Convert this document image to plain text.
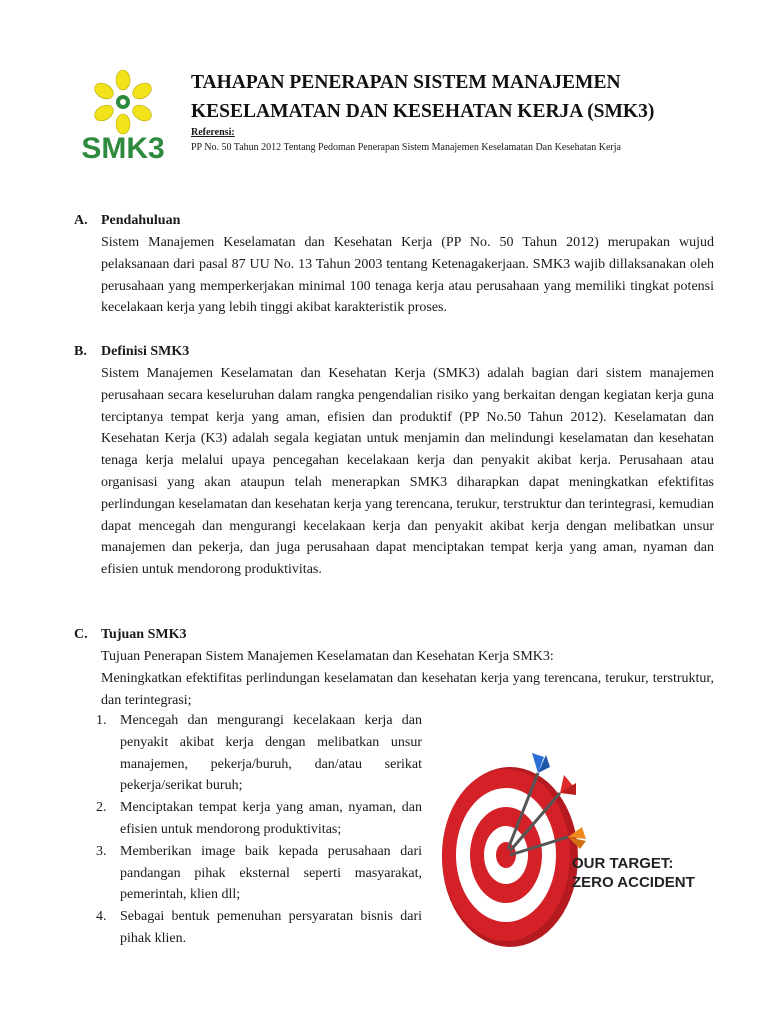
SMK3
TAHAPAN PENERAPAN SISTEM MANAJEMEN
KESELAMATAN DAN KESEHATAN KERJA (SMK3)
Referensi:
PP No. 50 Tahun 2012 Tentang Pedoman Penerapan Sistem Manajemen Keselamatan Dan Kesehatan Kerja
A. Pendahuluan

Sistem Manajemen Keselamatan dan Kesehatan Kerja (PP No. 50 Tahun 2012) merupakan wujud pelaksanaan dari pasal 87 UU No. 13 Tahun 2003 tentang Ketenagakerjaan. SMK3 wajib dillaksanakan oleh perusahaan yang memperkerjakan minimal 100 tenaga kerja atau perusahaan yang memiliki tingkat potensi kecelakaan kerja yang lebih tinggi akibat karakteristik proses.

B. Definisi SMK3

Sistem Manajemen Keselamatan dan Kesehatan Kerja (SMK3) adalah bagian dari sistem manajemen perusahaan secara keseluruhan dalam rangka pengendalian risiko yang berkaitan dengan kegiatan kerja guna terciptanya tempat kerja yang aman, efisien dan produktif (PP No.50 Tahun 2012). Keselamatan dan Kesehatan Kerja (K3) adalah segala kegiatan untuk menjamin dan melindungi keselamatan dan kesehatan tenaga kerja melalui upaya pencegahan kecelakaan kerja dan penyakit akibat kerja. Perusahaan atau organisasi yang akan ataupun telah menerapkan SMK3 diharapkan dapat meningkatkan efektifitas perlindungan keselamatan dan kesehatan kerja yang terencana, terukur, terstruktur dan terintegrasi, kemudian dapat mencegah dan mengurangi kecelakaan kerja dan penyakit akibat kerja dengan melibatkan unsur manajemen dan pekerja, dan juga perusahaan dapat menciptakan tempat kerja yang aman, nyaman dan efisien untuk mendorong produktivitas.

C. Tujuan SMK3

Tujuan Penerapan Sistem Manajemen Keselamatan dan Kesehatan Kerja SMK3:

Meningkatkan efektifitas perlindungan keselamatan dan kesehatan kerja yang terencana, terukur, terstruktur, dan terintegrasi;

1. Mencegah dan mengurangi kecelakaan kerja dan penyakit akibat kerja dengan melibatkan unsur manajemen, pekerja/buruh, dan/atau serikat pekerja/serikat buruh;
2. Menciptakan tempat kerja yang aman, nyaman, dan efisien untuk mendorong produktivitas;
3. Memberikan image baik kepada perusahaan dari pandangan pihak eksternal seperti masyarakat, pemerintah, klien dll;
4. Sebagai bentuk pemenuhan persyaratan bisnis dari pihak klien.
OUR TARGET:
ZERO ACCIDENT
